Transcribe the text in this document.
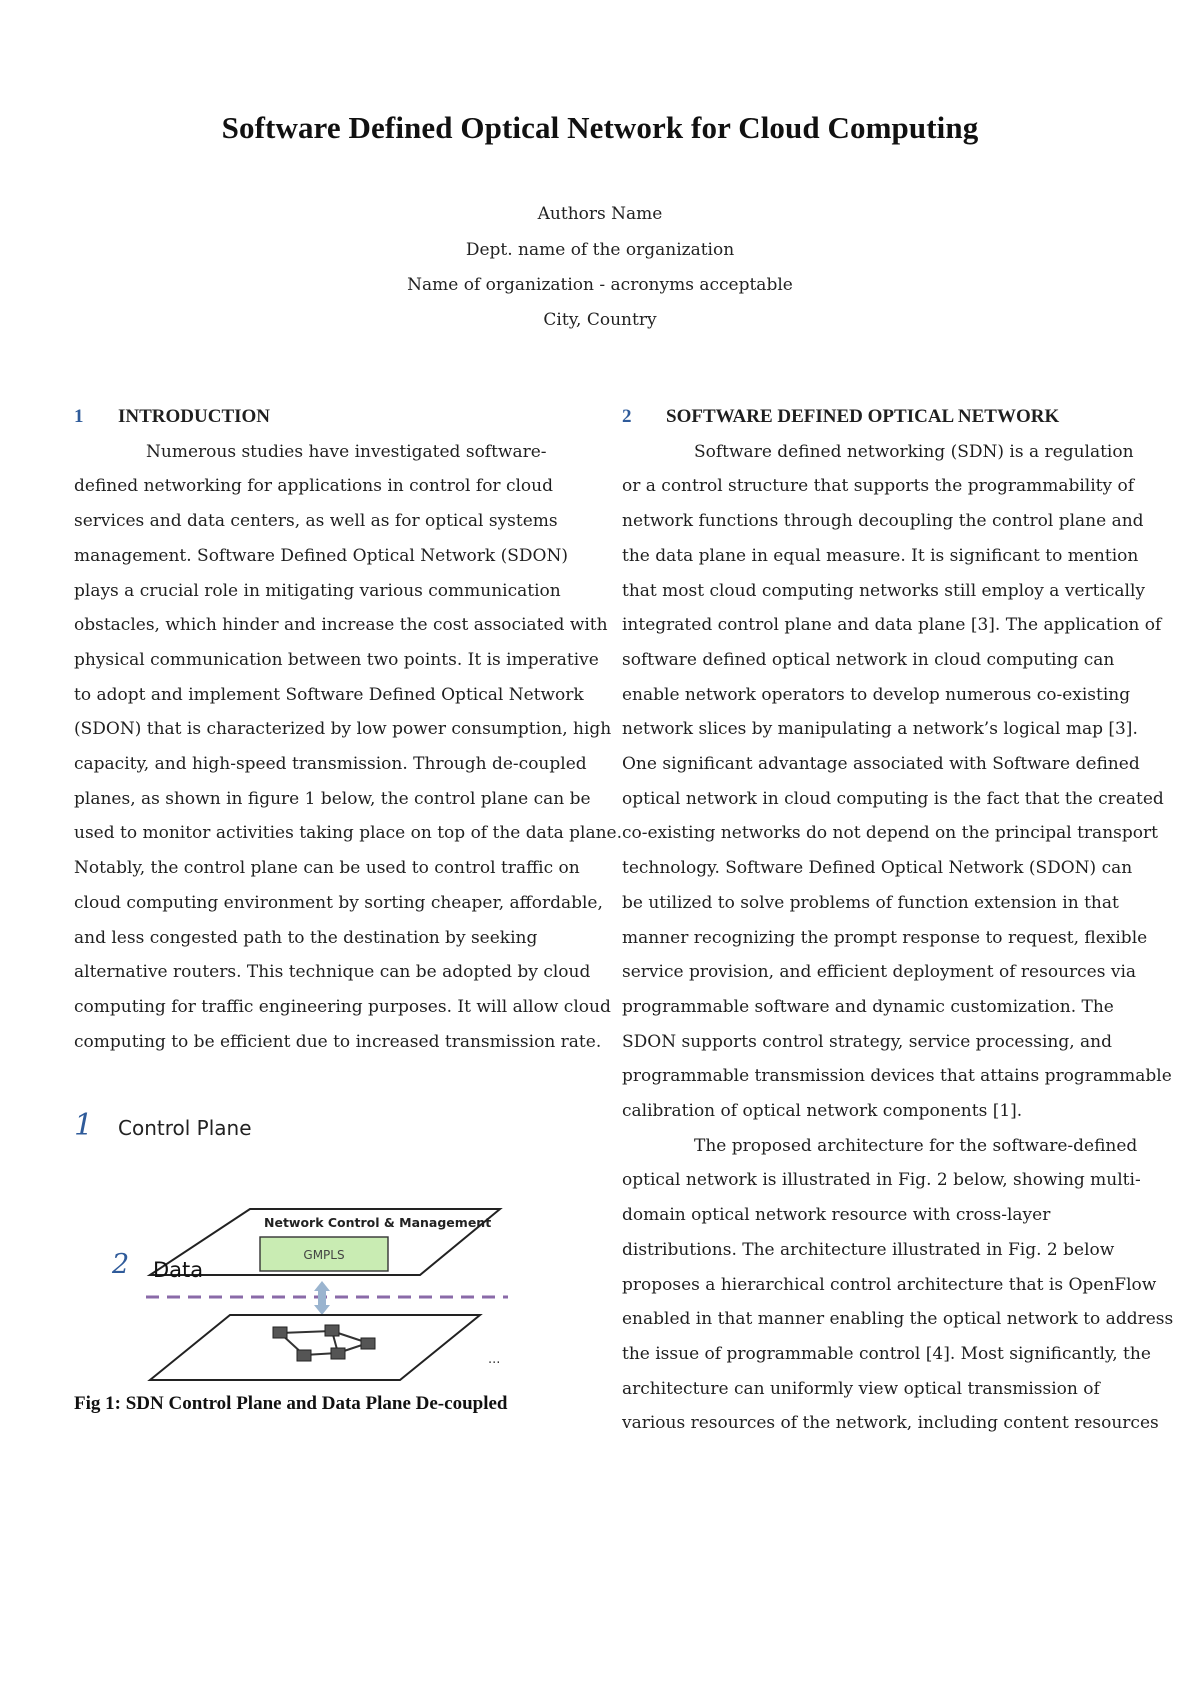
Software Defined Optical Network for Cloud Computing
Authors Name
Dept. name of the organization
Name of organization - acronyms acceptable
City, Country
1 INTRODUCTION
Numerous studies have investigated software-
defined networking for applications in control for cloud
services and data centers, as well as for optical systems
management. Software Defined Optical Network (SDON)
plays a crucial role in mitigating various communication
obstacles, which hinder and increase the cost associated with
physical communication between two points. It is imperative
to adopt and implement Software Defined Optical Network
(SDON) that is characterized by low power consumption, high
capacity, and high-speed transmission. Through de-coupled
planes, as shown in figure 1 below, the control plane can be
used to monitor activities taking place on top of the data plane.
Notably, the control plane can be used to control traffic on
cloud computing environment by sorting cheaper, affordable,
and less congested path to the destination by seeking
alternative routers. This technique can be adopted by cloud
computing for traffic engineering purposes. It will allow cloud
computing to be efficient due to increased transmission rate.
1 Control Plane
Network Control & Management
GMPLS
2 Data
...
Fig 1: SDN Control Plane and Data Plane De-coupled
2 SOFTWARE DEFINED OPTICAL NETWORK
Software defined networking (SDN) is a regulation
or a control structure that supports the programmability of
network functions through decoupling the control plane and
the data plane in equal measure. It is significant to mention
that most cloud computing networks still employ a vertically
integrated control plane and data plane [3]. The application of
software defined optical network in cloud computing can
enable network operators to develop numerous co-existing
network slices by manipulating a network’s logical map [3].
One significant advantage associated with Software defined
optical network in cloud computing is the fact that the created
co-existing networks do not depend on the principal transport
technology. Software Defined Optical Network (SDON) can
be utilized to solve problems of function extension in that
manner recognizing the prompt response to request, flexible
service provision, and efficient deployment of resources via
programmable software and dynamic customization. The
SDON supports control strategy, service processing, and
programmable transmission devices that attains programmable
calibration of optical network components [1].
The proposed architecture for the software-defined
optical network is illustrated in Fig. 2 below, showing multi-
domain optical network resource with cross-layer
distributions. The architecture illustrated in Fig. 2 below
proposes a hierarchical control architecture that is OpenFlow
enabled in that manner enabling the optical network to address
the issue of programmable control [4]. Most significantly, the
architecture can uniformly view optical transmission of
various resources of the network, including content resources
